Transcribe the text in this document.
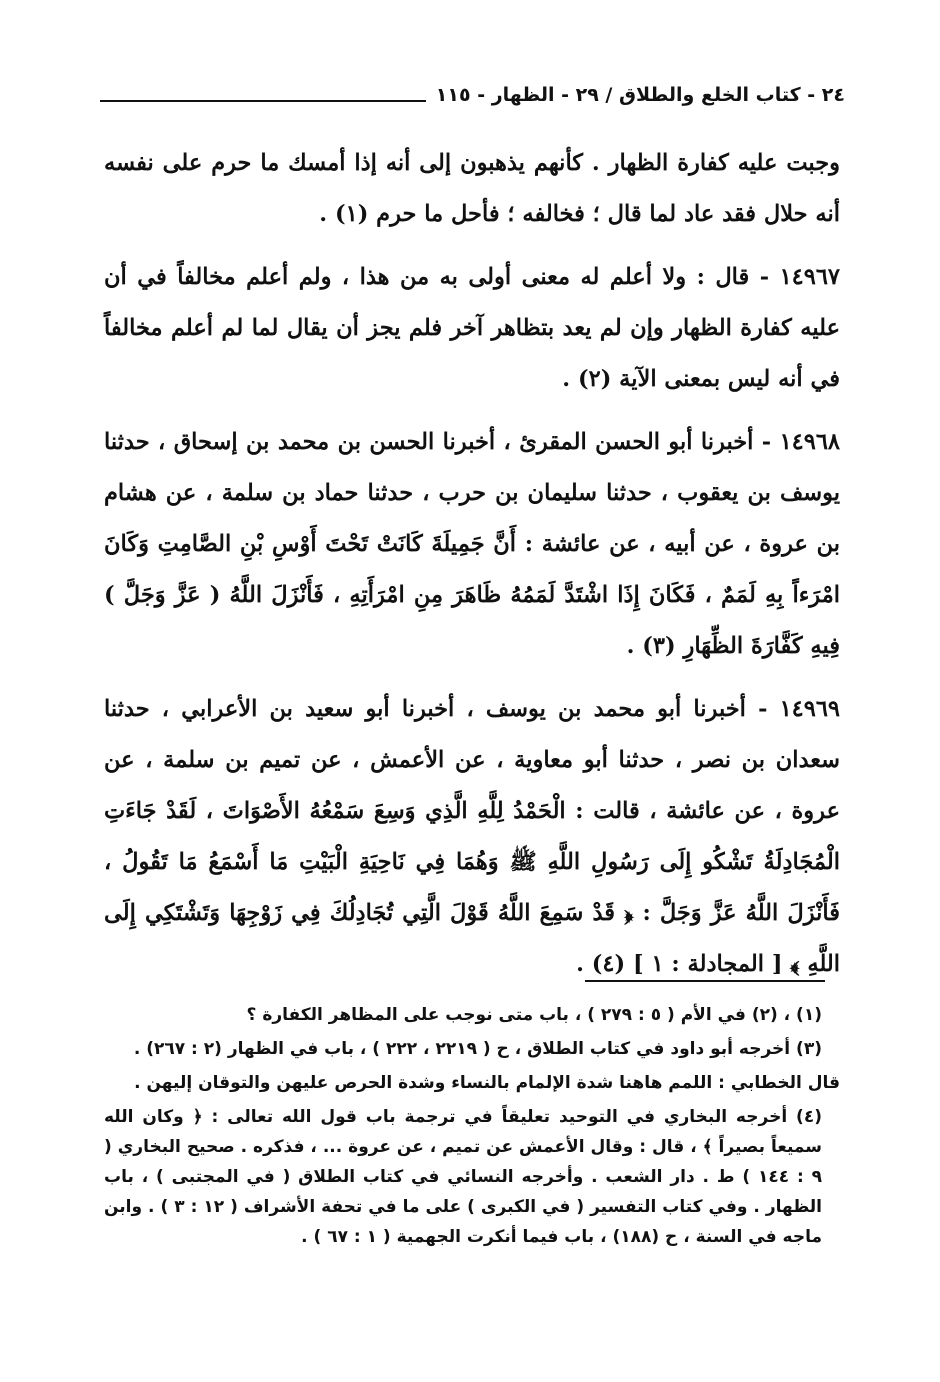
٢٤ - كتاب الخلع والطلاق / ٢٩ - الظهار - ١١٥

وجبت عليه كفارة الظهار . كأنهم يذهبون إلى أنه إذا أمسك ما حرم على نفسه أنه حلال فقد عاد لما قال ؛ فخالفه ؛ فأحل ما حرم (١) .

١٤٩٦٧ - قال : ولا أعلم له معنى أولى به من هذا ، ولم أعلم مخالفاً في أن عليه كفارة الظهار وإن لم يعد بتظاهر آخر فلم يجز أن يقال لما لم أعلم مخالفاً في أنه ليس بمعنى الآية (٢) .

١٤٩٦٨ - أخبرنا أبو الحسن المقرئ ، أخبرنا الحسن بن محمد بن إسحاق ، حدثنا يوسف بن يعقوب ، حدثنا سليمان بن حرب ، حدثنا حماد بن سلمة ، عن هشام بن عروة ، عن أبيه ، عن عائشة : أَنَّ جَمِيلَةَ كَانَتْ تَحْتَ أَوْسِ بْنِ الصَّامِتِ وَكَانَ امْرَءاً بِهِ لَمَمٌ ، فَكَانَ إِذَا اشْتَدَّ لَمَمُهُ ظَاهَرَ مِنِ امْرَأَتِهِ ، فَأَنْزَلَ اللَّهُ ( عَزَّ وَجَلَّ ) فِيهِ كَفَّارَةَ الظِّهَارِ (٣) .

١٤٩٦٩ - أخبرنا أبو محمد بن يوسف ، أخبرنا أبو سعيد بن الأعرابي ، حدثنا سعدان بن نصر ، حدثنا أبو معاوية ، عن الأعمش ، عن تميم بن سلمة ، عن عروة ، عن عائشة ، قالت : الْحَمْدُ لِلَّهِ الَّذِي وَسِعَ سَمْعُهُ الأَصْوَاتَ ، لَقَدْ جَاءَتِ الْمُجَادِلَةُ تَشْكُو إِلَى رَسُولِ اللَّهِ ﷺ وَهُمَا فِي نَاحِيَةِ الْبَيْتِ مَا أَسْمَعُ مَا تَقُولُ ، فَأَنْزَلَ اللَّهُ عَزَّ وَجَلَّ : ﴿ قَدْ سَمِعَ اللَّهُ قَوْلَ الَّتِي تُجَادِلُكَ فِي زَوْجِهَا وَتَشْتَكِي إِلَى اللَّهِ ﴾ [ المجادلة : ١ ] (٤) .

(١) ، (٢) في الأم ( ٥ : ٢٧٩ ) ، باب متى نوجب على المظاهر الكفارة ؟

(٣) أخرجه أبو داود في كتاب الطلاق ، ح ( ٢٢١٩ ، ٢٢٢ ) ، باب في الظهار (٢ : ٢٦٧) .

قال الخطابي : اللمم هاهنا شدة الإلمام بالنساء وشدة الحرص عليهن والتوقان إليهن .

(٤) أخرجه البخاري في التوحيد تعليقاً في ترجمة باب قول الله تعالى : ﴿ وكان الله سميعاً بصيراً ﴾ ، قال : وقال الأعمش عن تميم ، عن عروة ... ، فذكره . صحيح البخاري ( ٩ : ١٤٤ ) ط . دار الشعب . وأخرجه النسائي في كتاب الطلاق ( في المجتبى ) ، باب الظهار . وفي كتاب التفسير ( في الكبرى ) على ما في تحفة الأشراف ( ١٢ : ٣ ) . وابن ماجه في السنة ، ح (١٨٨) ، باب فيما أنكرت الجهمية ( ١ : ٦٧ ) .
